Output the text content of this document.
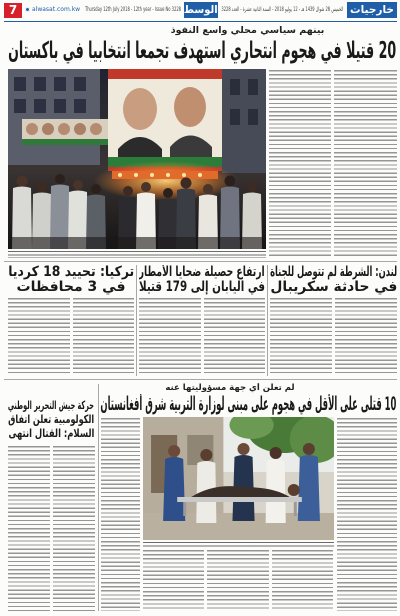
7	alwasat.com.kw Thursday 12th July 2018 - 12th year - Issue No 3228 الوسط الخميس 28 شوال 1439 هـ - 12 يوليو 2018 - السنة الثانية عشرة - العدد 3228 خارجيات
بينهم سياسي محلي واسع النفوذ
20 قتيلا في هجوم انتحاري استهدف تجمعا انتخابيا في باكستان
لندن: الشرطة لم تتوصل للجناة
في حادثة سكريبال
ارتفاع حصيلة ضحايا الأمطار
في اليابان إلى 179 قتيلا
تركيا: تحييد 18 كرديا
في 3 محافظات
لم تعلن أي جهة مسؤوليتها عنه
10 قتلى على الأقل في هجوم على مبنى لوزارة التربية شرق أفغانستان
حركة جيش التحرير الوطني
الكولومبية تعلن اتفاق
السلام: القتال انتهى
